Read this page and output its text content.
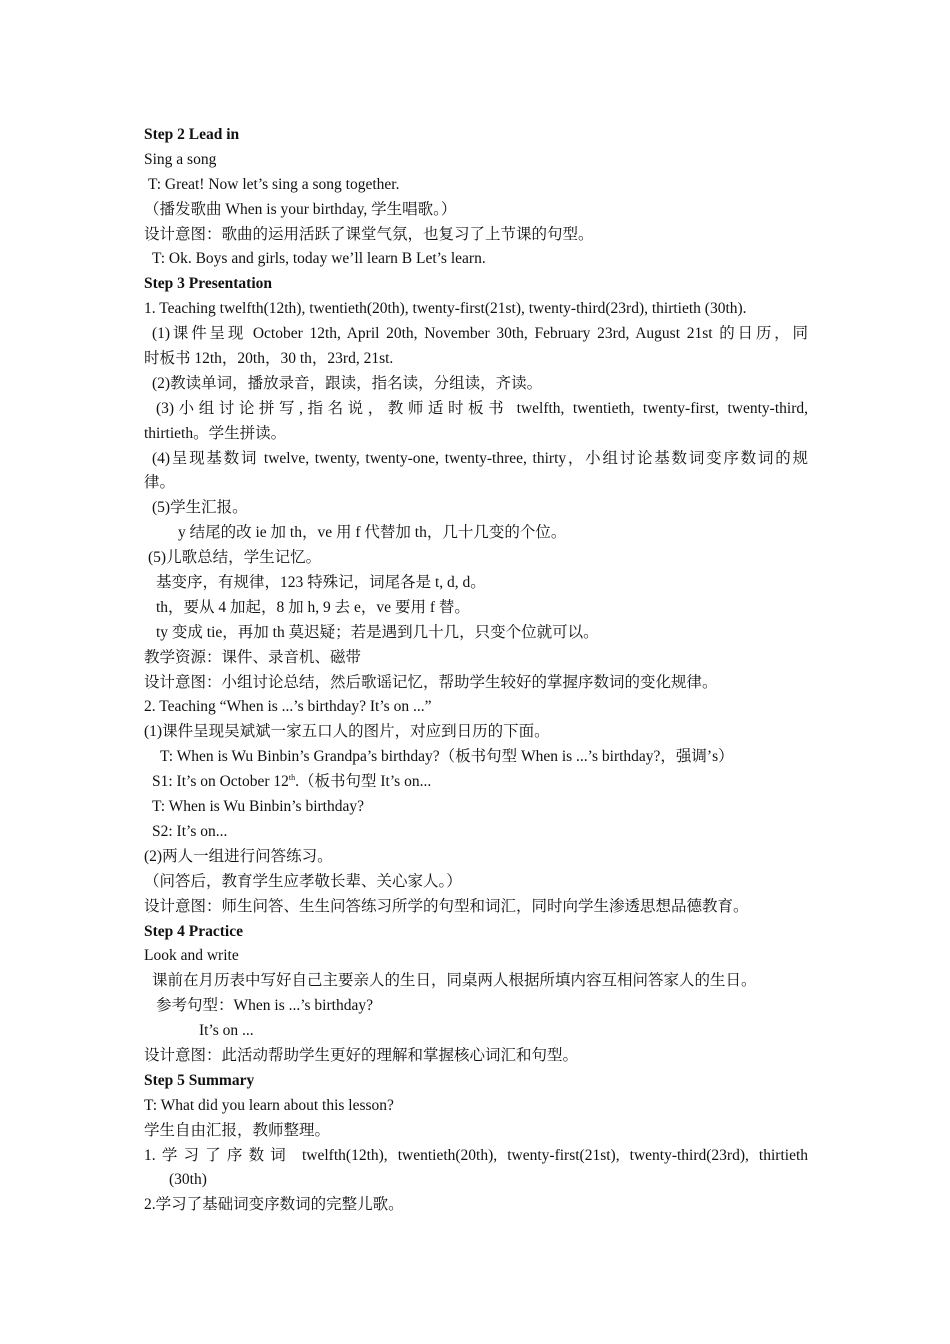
Step 2 Lead in
Sing a song
T: Great! Now let’s sing a song together.
（播发歌曲 When is your birthday, 学生唱歌。）
设计意图：歌曲的运用活跃了课堂气氛，也复习了上节课的句型。
T: Ok. Boys and girls, today we’ll learn B Let’s learn.
Step 3 Presentation
1. Teaching twelfth(12th), twentieth(20th), twenty-first(21st), twenty-third(23rd), thirtieth (30th).
(1)课件呈现 October 12th, April 20th, November 30th, February 23rd, August 21st 的日历，同
时板书 12th，20th，30 th，23rd, 21st.
(2)教读单词，播放录音，跟读，指名读，分组读，齐读。
(3)小组讨论拼写,指名说，教师适时板书 twelfth, twentieth, twenty-first, twenty-third,
thirtieth。学生拼读。
(4)呈现基数词 twelve, twenty, twenty-one, twenty-three, thirty，小组讨论基数词变序数词的规
律。
(5)学生汇报。
y 结尾的改 ie 加 th，ve 用 f 代替加 th，几十几变的个位。
(5)儿歌总结，学生记忆。
基变序，有规律，123 特殊记，词尾各是 t, d, d。
th，要从 4 加起，8 加 h, 9 去 e，ve 要用 f 替。
ty 变成 tie，再加 th 莫迟疑；若是遇到几十几，只变个位就可以。
教学资源：课件、录音机、磁带
设计意图：小组讨论总结，然后歌谣记忆，帮助学生较好的掌握序数词的变化规律。
2. Teaching “When is ...’s birthday? It’s on ...”
(1)课件呈现吴斌斌一家五口人的图片，对应到日历的下面。
T: When is Wu Binbin’s Grandpa’s birthday?（板书句型 When is ...’s birthday?，强调’s）
S1: It’s on October 12th.（板书句型 It’s on...
T: When is Wu Binbin’s birthday?
S2: It’s on...
(2)两人一组进行问答练习。
（问答后，教育学生应孝敬长辈、关心家人。）
设计意图：师生问答、生生问答练习所学的句型和词汇，同时向学生渗透思想品德教育。
Step 4 Practice
Look and write
课前在月历表中写好自己主要亲人的生日，同桌两人根据所填内容互相问答家人的生日。
参考句型：When is ...’s birthday?
It’s on ...
设计意图：此活动帮助学生更好的理解和掌握核心词汇和句型。
Step 5 Summary
T: What did you learn about this lesson?
学生自由汇报，教师整理。
1.学习了序数词 twelfth(12th), twentieth(20th), twenty-first(21st), twenty-third(23rd), thirtieth
(30th)
2.学习了基础词变序数词的完整儿歌。
